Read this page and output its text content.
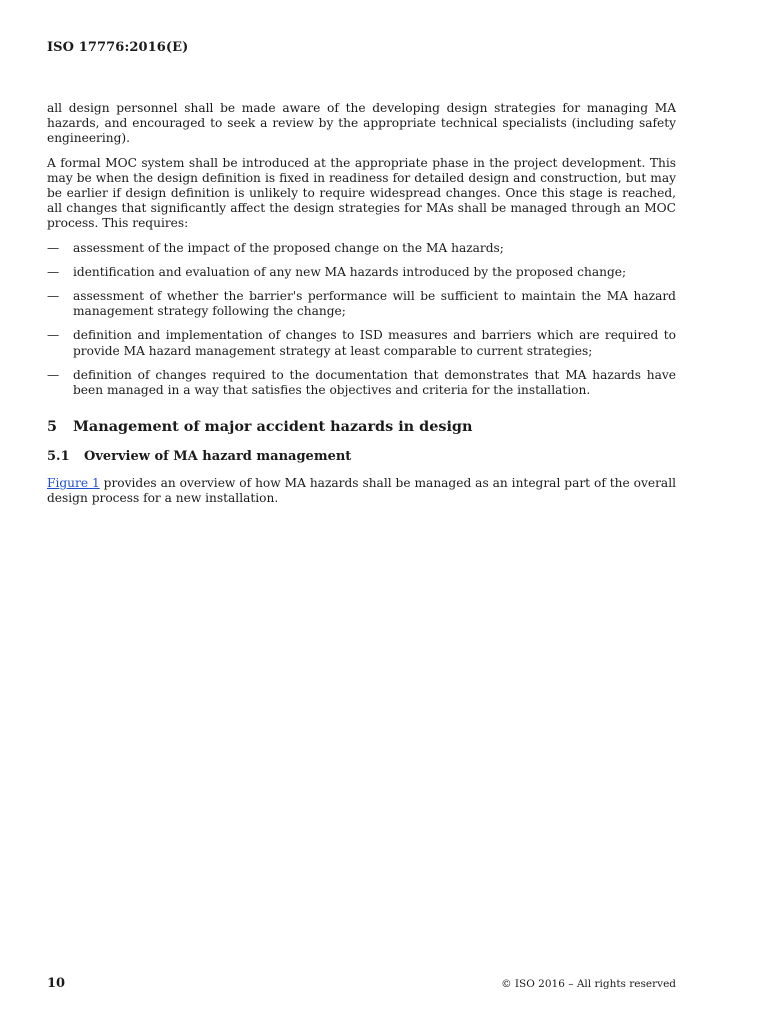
ISO 17776:2016(E)

all design personnel shall be made aware of the developing design strategies for managing MA hazards, and encouraged to seek a review by the appropriate technical specialists (including safety engineering).

A formal MOC system shall be introduced at the appropriate phase in the project development. This may be when the design definition is fixed in readiness for detailed design and construction, but may be earlier if design definition is unlikely to require widespread changes. Once this stage is reached, all changes that significantly affect the design strategies for MAs shall be managed through an MOC process. This requires:

—	assessment of the impact of the proposed change on the MA hazards;
—	identification and evaluation of any new MA hazards introduced by the proposed change;
—	assessment of whether the barrier's performance will be sufficient to maintain the MA hazard management strategy following the change;
—	definition and implementation of changes to ISD measures and barriers which are required to provide MA hazard management strategy at least comparable to current strategies;
—	definition of changes required to the documentation that demonstrates that MA hazards have been managed in a way that satisfies the objectives and criteria for the installation.
5	Management of major accident hazards in design
5.1	Overview of MA hazard management

Figure 1 provides an overview of how MA hazards shall be managed as an integral part of the overall design process for a new installation.

10	© ISO 2016 – All rights reserved
